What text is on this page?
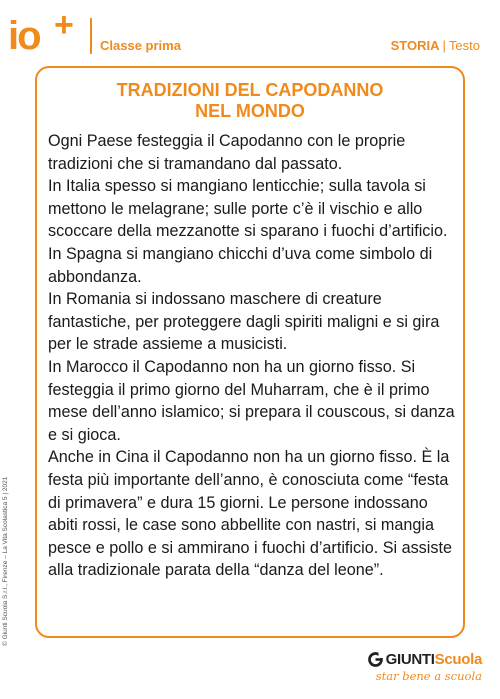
io +
Classe prima	STORIA | Testo
TRADIZIONI DEL CAPODANNO
NEL MONDO

Ogni Paese festeggia il Capodanno con le proprie tradizioni che si tramandano dal passato.

In Italia spesso si mangiano lenticchie; sulla tavola si mettono le melagrane; sulle porte c’è il vischio e allo scoccare della mezzanotte si sparano i fuochi d’artificio.

In Spagna si mangiano chicchi d’uva come simbolo di abbondanza.

In Romania si indossano maschere di creature fantastiche, per proteggere dagli spiriti maligni e si gira per le strade assieme a musicisti.

In Marocco il Capodanno non ha un giorno fisso. Si festeggia il primo giorno del Muharram, che è il primo mese dell’anno islamico; si prepara il couscous, si danza e si gioca.

Anche in Cina il Capodanno non ha un giorno fisso. È la festa più importante dell’anno, è conosciuta come “festa di primavera” e dura 15 giorni. Le persone indossano abiti rossi, le case sono abbellite con nastri, si mangia pesce e pollo e si ammirano i fuochi d’artificio. Si assiste alla tradizionale parata della “danza del leone”.

© Giunti Scuola S.r.l., Firenze – La Vita Scolastica 5 | 2021
GIUNTIScuola
star bene a scuola
